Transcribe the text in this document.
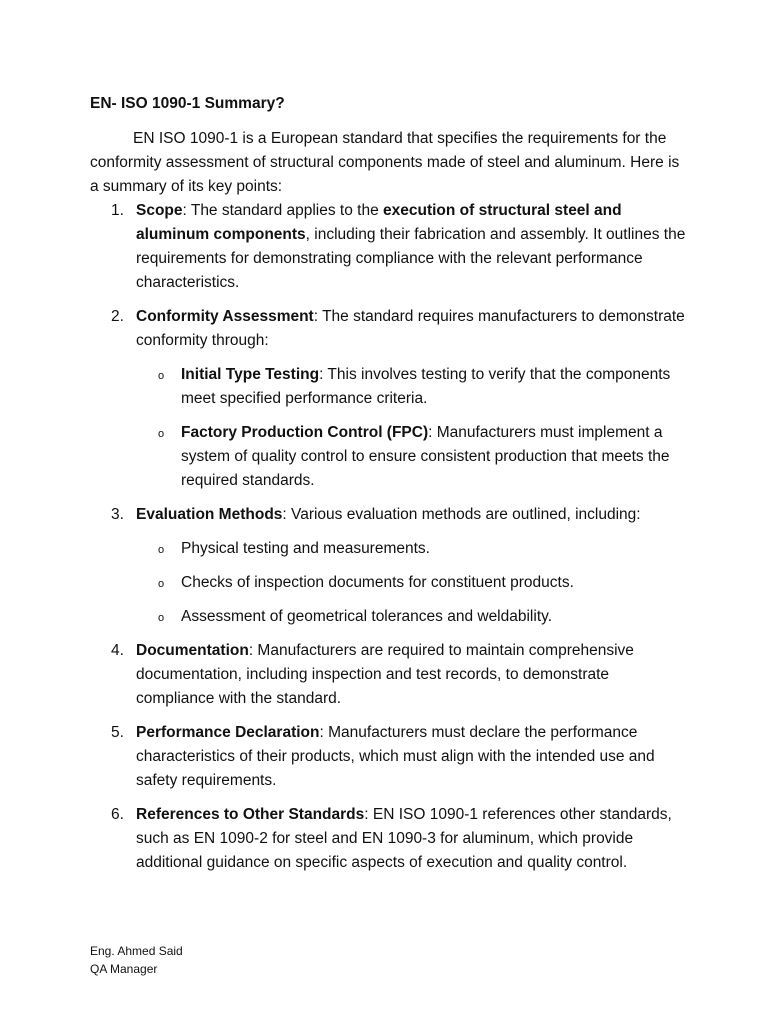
EN- ISO 1090-1 Summary?

EN ISO 1090-1 is a European standard that specifies the requirements for the conformity assessment of structural components made of steel and aluminum. Here is a summary of its key points:

1. Scope: The standard applies to the execution of structural steel and aluminum components, including their fabrication and assembly. It outlines the requirements for demonstrating compliance with the relevant performance characteristics.
2. Conformity Assessment: The standard requires manufacturers to demonstrate conformity through:
o Initial Type Testing: This involves testing to verify that the components meet specified performance criteria.
o Factory Production Control (FPC): Manufacturers must implement a system of quality control to ensure consistent production that meets the required standards.
3. Evaluation Methods: Various evaluation methods are outlined, including:
o Physical testing and measurements.
o Checks of inspection documents for constituent products.
o Assessment of geometrical tolerances and weldability.
4. Documentation: Manufacturers are required to maintain comprehensive documentation, including inspection and test records, to demonstrate compliance with the standard.
5. Performance Declaration: Manufacturers must declare the performance characteristics of their products, which must align with the intended use and safety requirements.
6. References to Other Standards: EN ISO 1090-1 references other standards, such as EN 1090-2 for steel and EN 1090-3 for aluminum, which provide additional guidance on specific aspects of execution and quality control.
Eng. Ahmed Said
QA Manager
